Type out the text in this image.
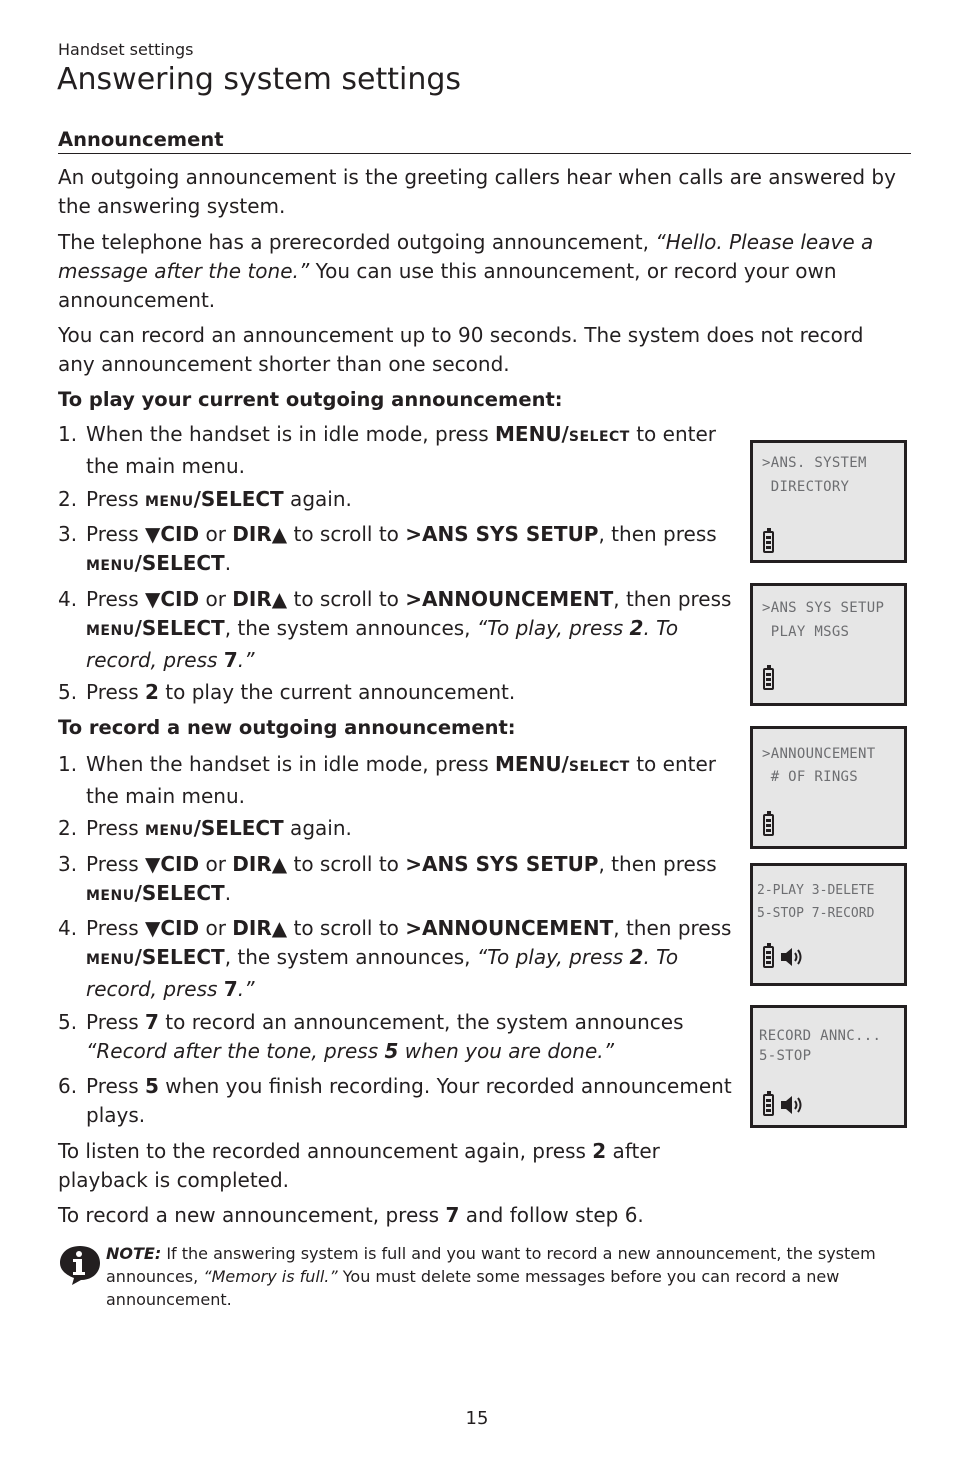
Handset settings
Answering system settings
Announcement

An outgoing announcement is the greeting callers hear when calls are answered by the answering system.

The telephone has a prerecorded outgoing announcement, “Hello. Please leave a message after the tone.” You can use this announcement, or record your own announcement.

You can record an announcement up to 90 seconds. The system does not record any announcement shorter than one second.

To play your current outgoing announcement:
1. When the handset is in idle mode, press MENU/SELECT to enter the main menu.
2. Press MENU/SELECT again.
3. Press ▼CID or DIR▲ to scroll to >ANS SYS SETUP, then press MENU/SELECT.
4. Press ▼CID or DIR▲ to scroll to >ANNOUNCEMENT, then press MENU/SELECT, the system announces, “To play, press 2. To record, press 7.”
5. Press 2 to play the current announcement.
To record a new outgoing announcement:
1. When the handset is in idle mode, press MENU/SELECT to enter the main menu.
2. Press MENU/SELECT again.
3. Press ▼CID or DIR▲ to scroll to >ANS SYS SETUP, then press MENU/SELECT.
4. Press ▼CID or DIR▲ to scroll to >ANNOUNCEMENT, then press MENU/SELECT, the system announces, “To play, press 2. To record, press 7.”
5. Press 7 to record an announcement, the system announces “Record after the tone, press 5 when you are done.”
6. Press 5 when you finish recording. Your recorded announcement plays.

To listen to the recorded announcement again, press 2 after playback is completed.

To record a new announcement, press 7 and follow step 6.

NOTE: If the answering system is full and you want to record a new announcement, the system announces, “Memory is full.” You must delete some messages before you can record a new announcement.
>ANS. SYSTEM
DIRECTORY
>ANS SYS SETUP
PLAY MSGS
>ANNOUNCEMENT
# OF RINGS
2-PLAY 3-DELETE
5-STOP 7-RECORD
RECORD ANNC...
5-STOP
15
